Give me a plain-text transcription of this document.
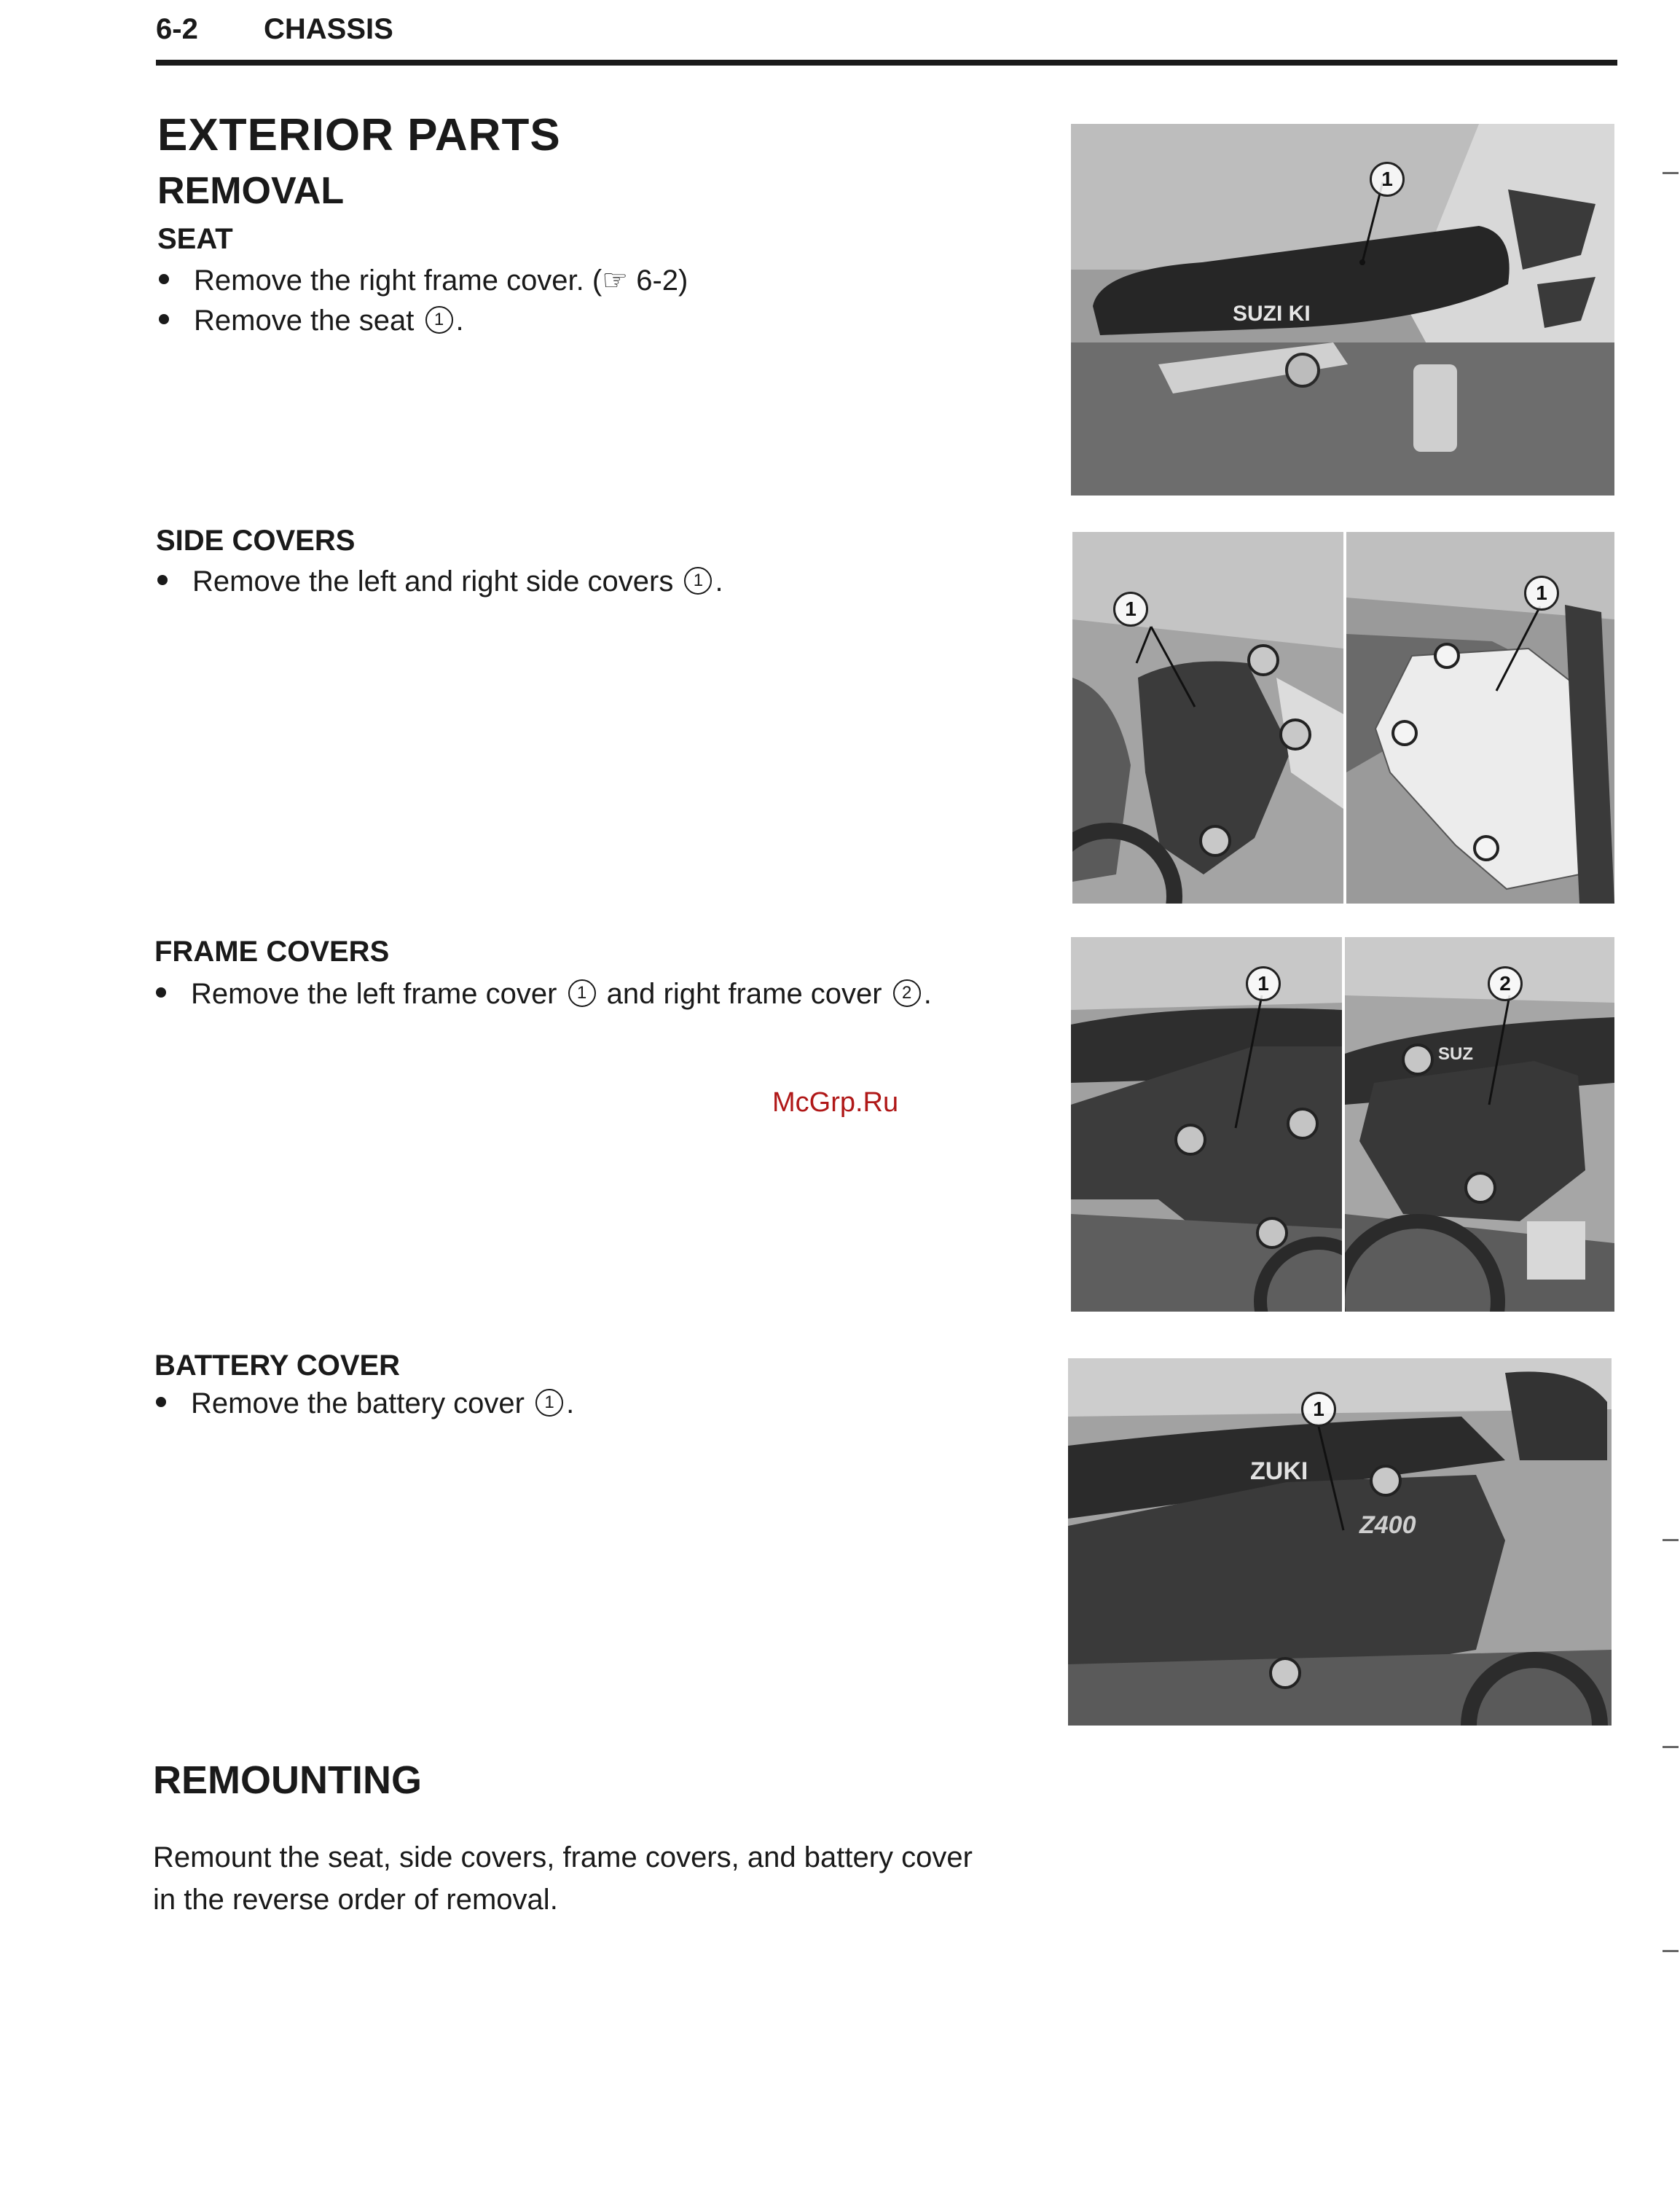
6-2 CHASSIS
EXTERIOR PARTS
REMOVAL
SEAT
Remove the right frame cover. (☞ 6-2)
Remove the seat 1 .
SIDE COVERS
Remove the left and right side covers 1 .
FRAME COVERS
Remove the left frame cover 1 and right frame cover 2 .
McGrp.Ru
BATTERY COVER
Remove the battery cover 1 .
REMOUNTING
Remount the seat, side covers, frame covers, and battery cover
in the reverse order of removal.
SUZI KI
1
1
1
1
SUZ
2
ZUKI
Z400
1
